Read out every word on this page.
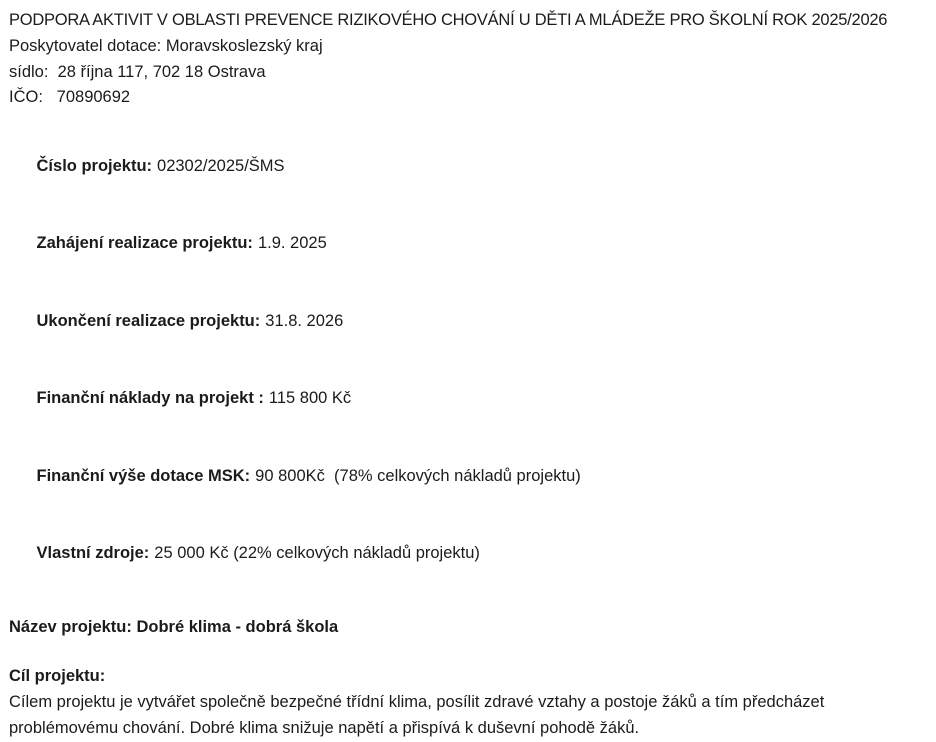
PODPORA AKTIVIT V OBLASTI PREVENCE RIZIKOVÉHO CHOVÁNÍ U DĚTI A MLÁDEŽE PRO ŠKOLNÍ ROK 2025/2026
Poskytovatel dotace: Moravskoslezský kraj
sídlo:  28 října 117, 702 18 Ostrava
IČO:   70890692

Číslo projektu: 02302/2025/ŠMS

Zahájení realizace projektu: 1.9. 2025

Ukončení realizace projektu: 31.8. 2026

Finanční náklady na projekt : 115 800 Kč

Finanční výše dotace MSK: 90 800Kč  (78% celkových nákladů projektu)

Vlastní zdroje: 25 000 Kč (22% celkových nákladů projektu)

Název projektu: Dobré klima - dobrá škola
Cíl projektu:
Cílem projektu je vytvářet společně bezpečné třídní klima, posílit zdravé vztahy a postoje žáků a tím předcházet problémovému chování. Dobré klima snižuje napětí a přispívá k duševní pohodě žáků.
